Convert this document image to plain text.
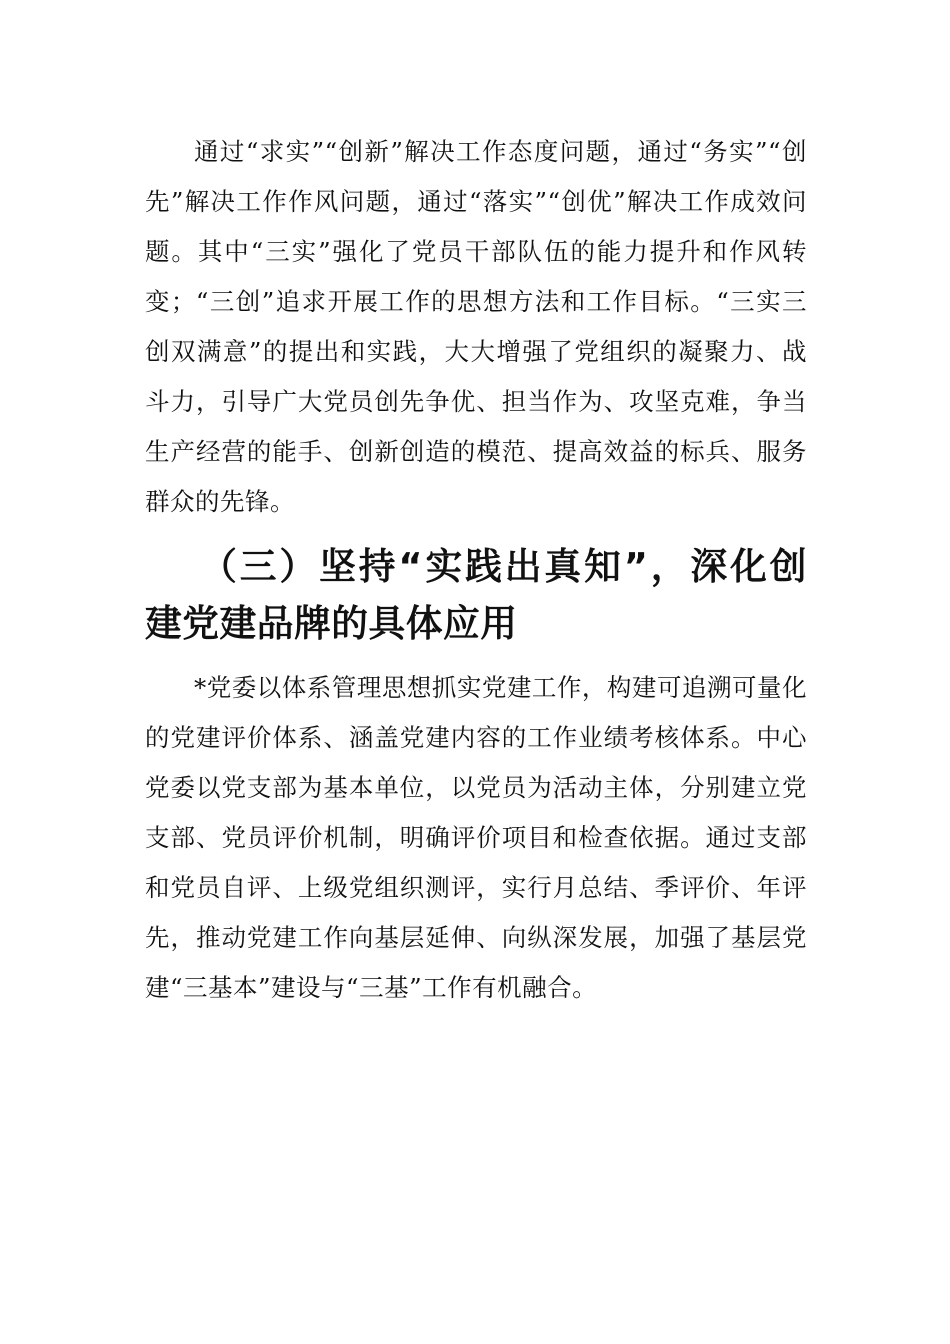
通过“求实”“创新”解决工作态度问题，通过“务实”“创先”解决工作作风问题，通过“落实”“创优”解决工作成效问题。其中“三实”强化了党员干部队伍的能力提升和作风转变；“三创”追求开展工作的思想方法和工作目标。“三实三创双满意”的提出和实践，大大增强了党组织的凝聚力、战斗力，引导广大党员创先争优、担当作为、攻坚克难，争当生产经营的能手、创新创造的模范、提高效益的标兵、服务群众的先锋。

（三）坚持“实践出真知”，深化创建党建品牌的具体应用

*党委以体系管理思想抓实党建工作，构建可追溯可量化的党建评价体系、涵盖党建内容的工作业绩考核体系。中心党委以党支部为基本单位，以党员为活动主体，分别建立党支部、党员评价机制，明确评价项目和检查依据。通过支部和党员自评、上级党组织测评，实行月总结、季评价、年评先，推动党建工作向基层延伸、向纵深发展，加强了基层党建“三基本”建设与“三基”工作有机融合。
